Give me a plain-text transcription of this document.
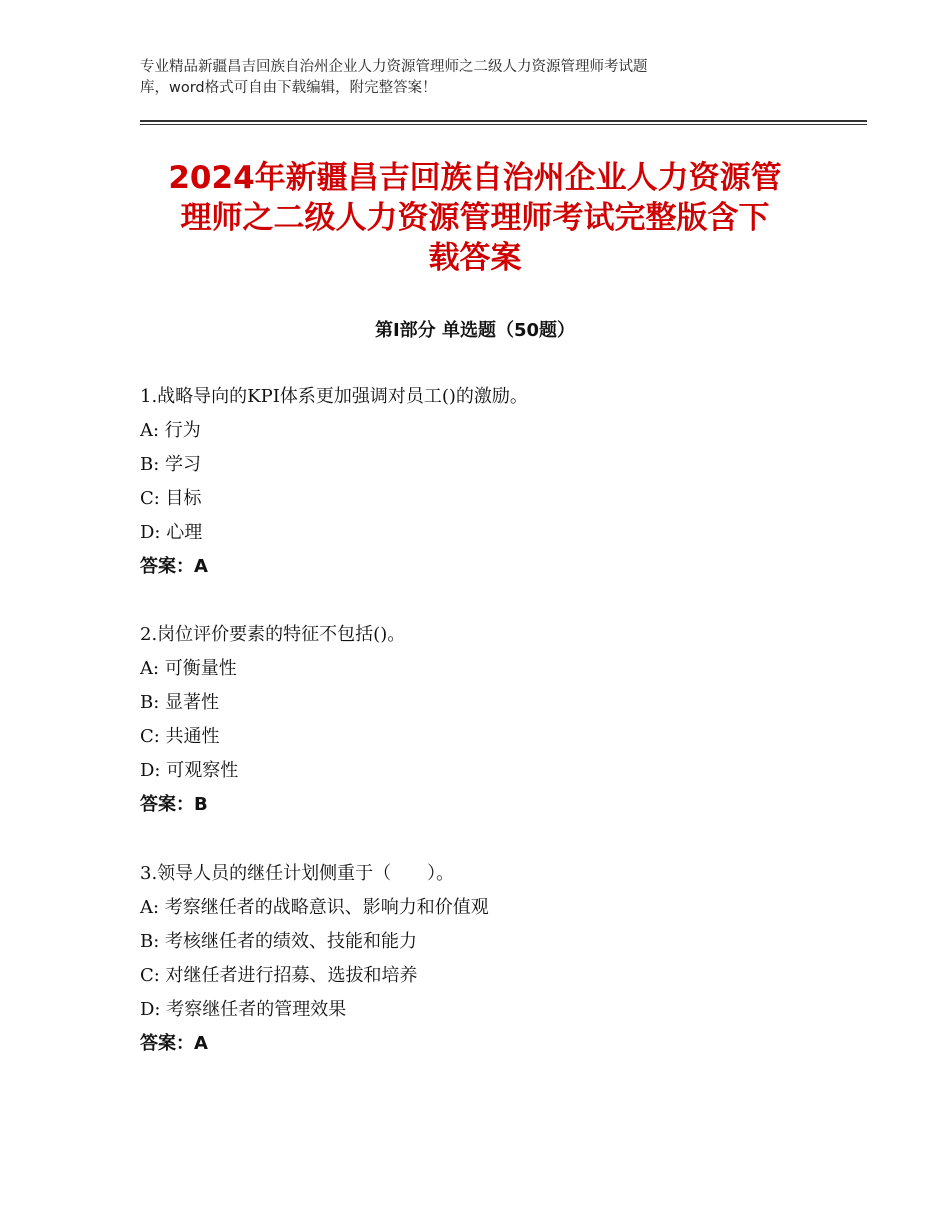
专业精品新疆昌吉回族自治州企业人力资源管理师之二级人力资源管理师考试题
库，word格式可自由下载编辑，附完整答案！
2024年新疆昌吉回族自治州企业人力资源管
理师之二级人力资源管理师考试完整版含下
载答案
第Ⅰ部分 单选题（50题）
1.战略导向的KPI体系更加强调对员工()的激励。
A: 行为
B: 学习
C: 目标
D: 心理
答案：A
2.岗位评价要素的特征不包括()。
A: 可衡量性
B: 显著性
C: 共通性
D: 可观察性
答案：B
3.领导人员的继任计划侧重于（　　）。
A: 考察继任者的战略意识、影响力和价值观
B: 考核继任者的绩效、技能和能力
C: 对继任者进行招募、选拔和培养
D: 考察继任者的管理效果
答案：A
